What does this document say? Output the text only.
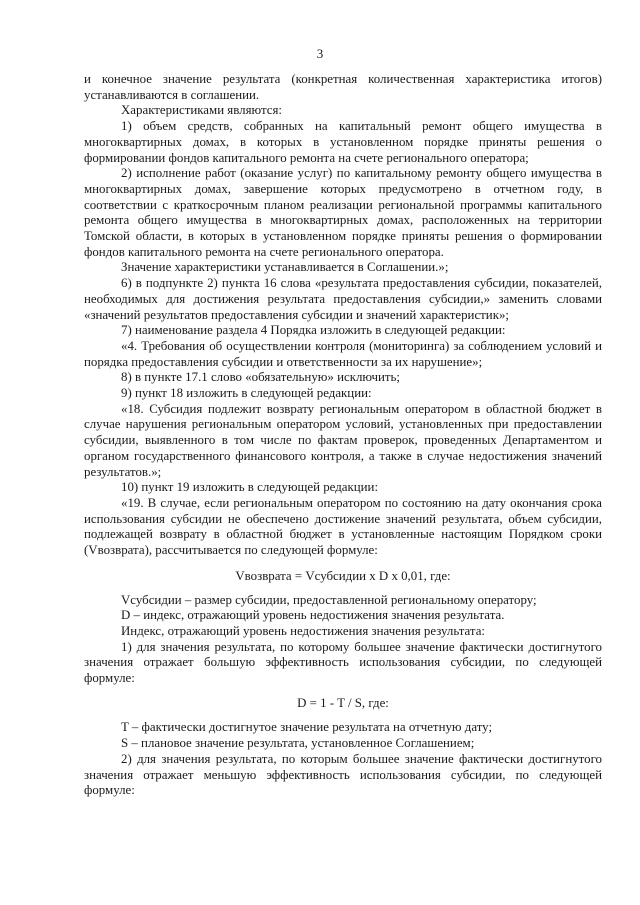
3

и конечное значение результата (конкретная количественная характеристика итогов) устанавливаются в соглашении.

Характеристиками являются:

1) объем средств, собранных на капитальный ремонт общего имущества в многоквартирных домах, в которых в установленном порядке приняты решения о формировании фондов капитального ремонта на счете регионального оператора;

2) исполнение работ (оказание услуг) по капитальному ремонту общего имущества в многоквартирных домах, завершение которых предусмотрено в отчетном году, в соответствии с краткосрочным планом реализации региональной программы капитального ремонта общего имущества в многоквартирных домах, расположенных на территории Томской области, в которых в установленном порядке приняты решения о формировании фондов капитального ремонта на счете регионального оператора.

Значение характеристики устанавливается в Соглашении.»;

6) в подпункте 2) пункта 16 слова «результата предоставления субсидии, показателей, необходимых для достижения результата предоставления субсидии,» заменить словами «значений результатов предоставления субсидии и значений характеристик»;

7) наименование раздела 4 Порядка изложить в следующей редакции:

«4. Требования об осуществлении контроля (мониторинга) за соблюдением условий и порядка предоставления субсидии и ответственности за их нарушение»;

8) в пункте 17.1 слово «обязательную» исключить;

9) пункт 18 изложить в следующей редакции:

«18. Субсидия подлежит возврату региональным оператором в областной бюджет в случае нарушения региональным оператором условий, установленных при предоставлении субсидии, выявленного в том числе по фактам проверок, проведенных Департаментом и органом государственного финансового контроля, а также в случае недостижения значений результатов.»;

10) пункт 19 изложить в следующей редакции:

«19. В случае, если региональным оператором по состоянию на дату окончания срока использования субсидии не обеспечено достижение значений результата, объем субсидии, подлежащей возврату в областной бюджет в установленные настоящим Порядком сроки (Vвозврата), рассчитывается по следующей формуле:

Vвозврата = Vсубсидии x D x 0,01, где:

Vсубсидии – размер субсидии, предоставленной региональному оператору;

D – индекс, отражающий уровень недостижения значения результата.

Индекс, отражающий уровень недостижения значения результата:

1) для значения результата, по которому большее значение фактически достигнутого значения отражает большую эффективность использования субсидии, по следующей формуле:

D = 1 - T / S, где:

T – фактически достигнутое значение результата на отчетную дату;

S – плановое значение результата, установленное Соглашением;

2) для значения результата, по которым большее значение фактически достигнутого значения отражает меньшую эффективность использования субсидии, по следующей формуле:
